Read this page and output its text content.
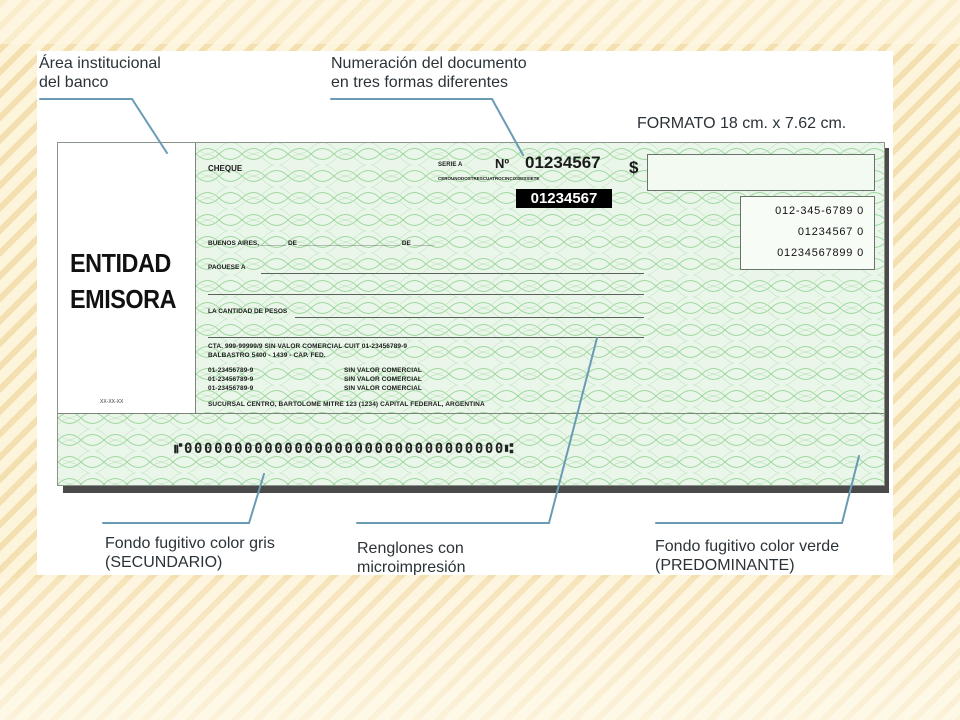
Área institucional
del banco
Numeración del documento
en tres formas diferentes
FORMATO 18 cm. x 7.62 cm.
Fondo fugitivo color gris
(SECUNDARIO)
Renglones con
microimpresión
Fondo fugitivo color verde
(PREDOMINANTE)
ENTIDAD
EMISORA
XX-XX-XX
CHEQUE	SERIE A	Nº 01234567
CEROUNODOSTRESCUATROCINCOSEISSIETE
01234567
$
012-345-6789 0
01234567 0
01234567899 0
BUENOS AIRES, _______ DE ____________________________ DE ______
PAGUESE A
LA CANTIDAD DE PESOS
CTA. 999-99999/9 SIN VALOR COMERCIAL CUIT 01-23456789-9
BALBASTRO 5400 - 1439 - CAP. FED.
01-23456789-9	SIN VALOR COMERCIAL
01-23456789-9	SIN VALOR COMERCIAL
01-23456789-9	SIN VALOR COMERCIAL
SUCURSAL CENTRO, BARTOLOME MITRE 123 (1234) CAPITAL FEDERAL, ARGENTINA
⑈00000000000000000000000000000000⑆
